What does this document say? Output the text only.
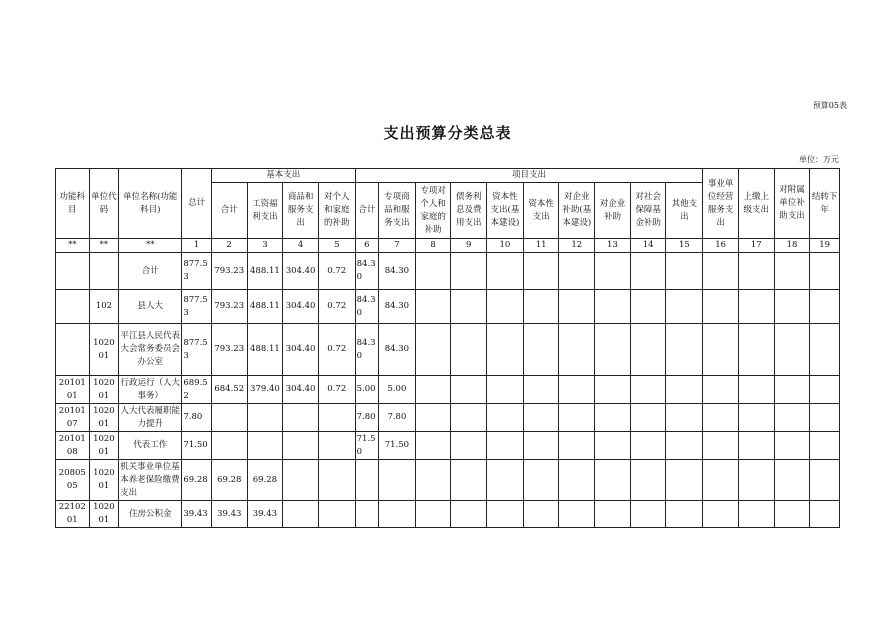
预算05表
支出预算分类总表
单位：万元
功能科目	单位代码	单位名称(功能科目)	总计	基本支出				项目支出										事业单位经营服务支出	上缴上级支出	对附属单位补助支出	结转下年
				合计	工资福利支出	商品和服务支出	对个人和家庭的补助	合计	专项商品和服务支出	专项对个人和家庭的补助	债务利息及费用支出	资本性支出(基本建设)	资本性支出	对企业补助(基本建设)	对企业补助	对社会保障基金补助	其他支出				
**	**	**	1	2	3	4	5	6	7	8	9	10	11	12	13	14	15	16	17	18	19
		合计	877.53	793.23	488.11	304.40	0.72	84.30	84.30												
	102	县人大	877.53	793.23	488.11	304.40	0.72	84.30	84.30												
	102001	平江县人民代表大会常务委员会办公室	877.53	793.23	488.11	304.40	0.72	84.30	84.30												
2010101	102001	行政运行（人大事务）	689.52	684.52	379.40	304.40	0.72	5.00	5.00												
2010107	102001	人大代表履职能力提升	7.80					7.80	7.80												
2010108	102001	代表工作	71.50					71.50	71.50												
2080505	102001	机关事业单位基本养老保险缴费支出	69.28	69.28	69.28																
2210201	102001	住房公积金	39.43	39.43	39.43																
